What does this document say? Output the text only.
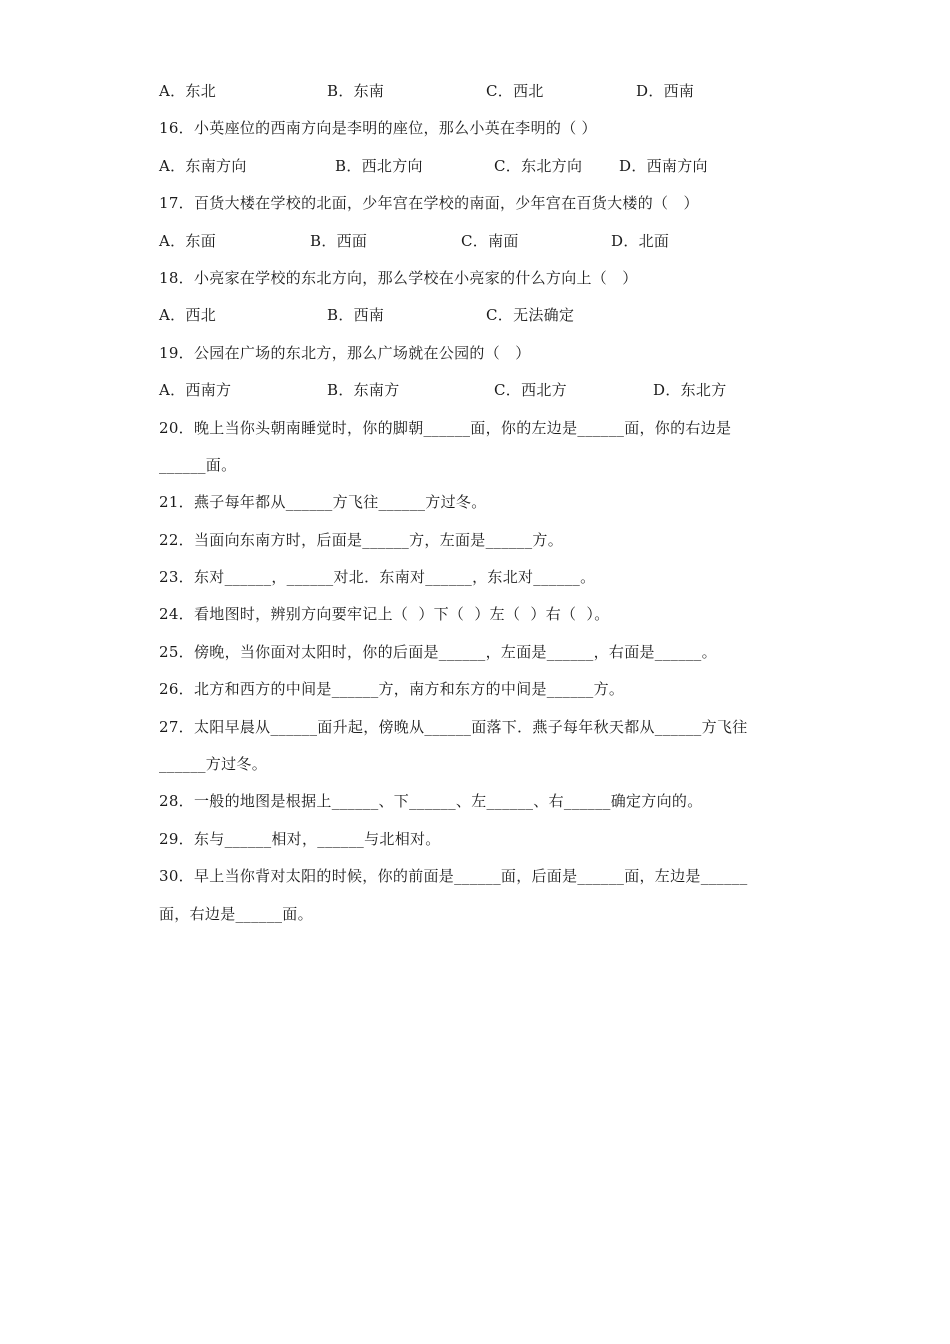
A．东北

	B．东南

	C．西北

	D．西南

16．小英座位的西南方向是李明的座位，那么小英在李明的（ ）

A．东南方向

	B．西北方向

	C．东北方向

D．西南方向

17．百货大楼在学校的北面，少年宫在学校的南面，少年宫在百货大楼的（   ）

A．东面

	B．西面

	C．南面

	D．北面

18．小亮家在学校的东北方向，那么学校在小亮家的什么方向上（   ）

A．西北

	B．西南

	C．无法确定

19．公园在广场的东北方，那么广场就在公园的（   ）

A．西南方

	B．东南方

	C．西北方

	D．东北方

20．晚上当你头朝南睡觉时，你的脚朝______面，你的左边是______面，你的右边是
______面。
21．燕子每年都从______方飞往______方过冬。
22．当面向东南方时，后面是______方，左面是______方。
23．东对______，______对北．东南对______，东北对______。
24．看地图时，辨别方向要牢记上（  ）下（  ）左（  ）右（  ）。
25．傍晚，当你面对太阳时，你的后面是______，左面是______，右面是______。
26．北方和西方的中间是______方，南方和东方的中间是______方。
27．太阳早晨从______面升起，傍晚从______面落下．燕子每年秋天都从______方飞往
______方过冬。
28．一般的地图是根据上______、下______、左______、右______确定方向的。
29．东与______相对，______与北相对。
30．早上当你背对太阳的时候，你的前面是______面，后面是______面，左边是______
面，右边是______面。
